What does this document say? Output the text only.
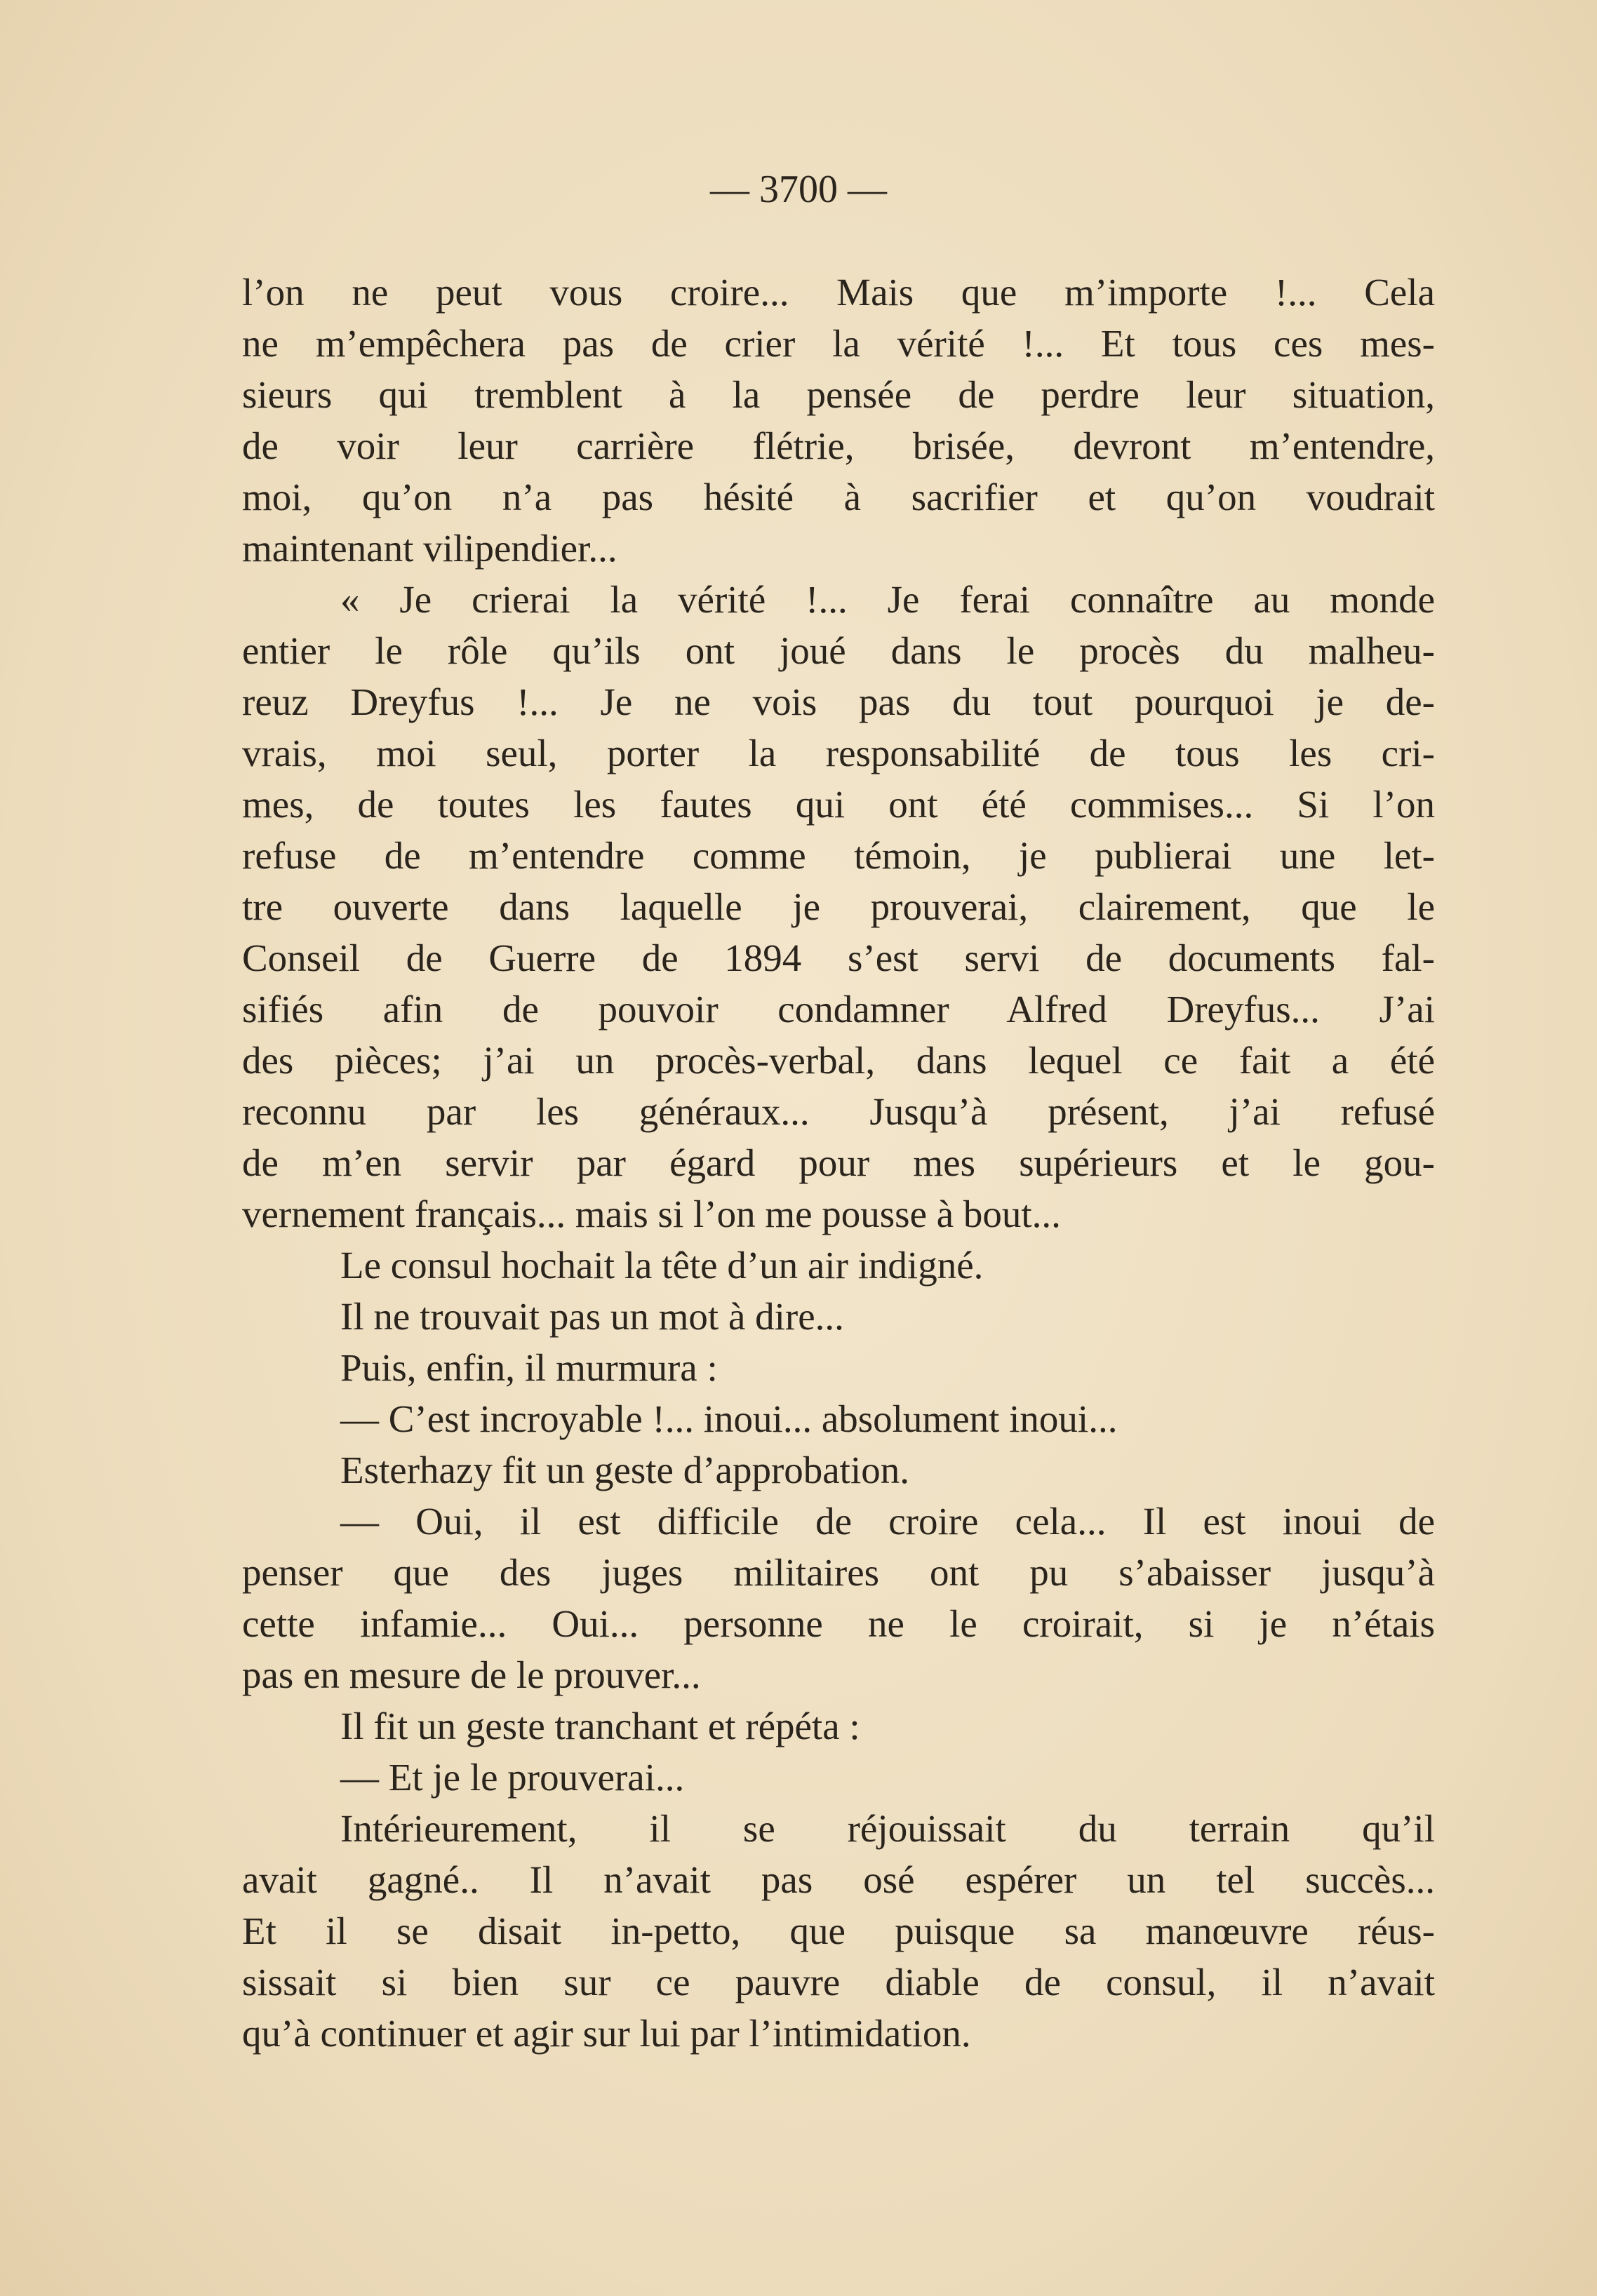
— 3700 —
l’on ne peut vous croire... Mais que m’importe !... Cela
ne m’empêchera pas de crier la vérité !... Et tous ces mes-
sieurs qui tremblent à la pensée de perdre leur situation,
de voir leur carrière flétrie, brisée, devront m’entendre,
moi, qu’on n’a pas hésité à sacrifier et qu’on voudrait
maintenant vilipendier...
« Je crierai la vérité !... Je ferai connaître au monde
entier le rôle qu’ils ont joué dans le procès du malheu-
reuz Dreyfus !... Je ne vois pas du tout pourquoi je de-
vrais, moi seul, porter la responsabilité de tous les cri-
mes, de toutes les fautes qui ont été commises... Si l’on
refuse de m’entendre comme témoin, je publierai une let-
tre ouverte dans laquelle je prouverai, clairement, que le
Conseil de Guerre de 1894 s’est servi de documents fal-
sifiés afin de pouvoir condamner Alfred Dreyfus... J’ai
des pièces; j’ai un procès-verbal, dans lequel ce fait a été
reconnu par les généraux... Jusqu’à présent, j’ai refusé
de m’en servir par égard pour mes supérieurs et le gou-
vernement français... mais si l’on me pousse à bout...
Le consul hochait la tête d’un air indigné.
Il ne trouvait pas un mot à dire...
Puis, enfin, il murmura :
— C’est incroyable !... inoui... absolument inoui...
Esterhazy fit un geste d’approbation.
— Oui, il est difficile de croire cela... Il est inoui de
penser que des juges militaires ont pu s’abaisser jusqu’à
cette infamie... Oui... personne ne le croirait, si je n’étais
pas en mesure de le prouver...
Il fit un geste tranchant et répéta :
— Et je le prouverai...
Intérieurement, il se réjouissait du terrain qu’il
avait gagné.. Il n’avait pas osé espérer un tel succès...
Et il se disait in-petto, que puisque sa manœuvre réus-
sissait si bien sur ce pauvre diable de consul, il n’avait
qu’à continuer et agir sur lui par l’intimidation.
